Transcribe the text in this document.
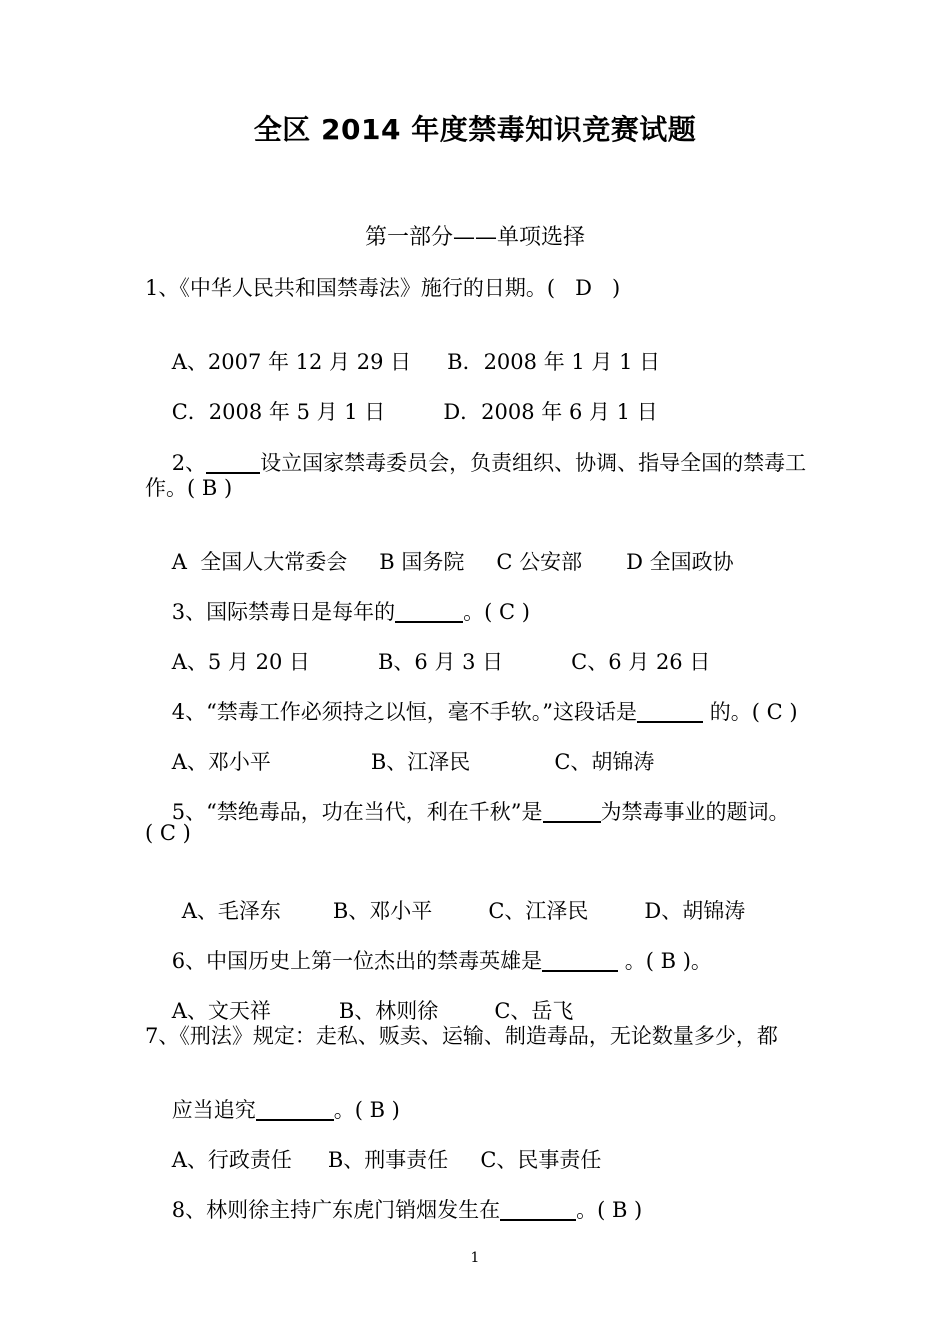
全区 2014 年度禁毒知识竞赛试题
第一部分——单项选择
1、《中华人民共和国禁毒法》施行的日期。(   D   )

A、2007 年 12 月 29 日 B．2008 年 1 月 1 日

C．2008 年 5 月 1 日	D．2008 年 6 月 1 日

2、	设立国家禁毒委员会，负责组织、协调、指导全国的禁毒工

作。( B )

A  全国人大常委会 B 国务院 C 公安部 D 全国政协

3、国际禁毒日是每年的	。( C )

A、5 月 20 日	B、6 月 3 日	C、6 月 26 日

4、“禁毒工作必须持之以恒，毫不手软。”这段话是	的。( C )

A、邓小平	B、江泽民	C、胡锦涛

5、“禁绝毒品，功在当代，利在千秋”是	为禁毒事业的题词。

( C )

A、毛泽东 B、邓小平	C、江泽民	D、胡锦涛

6、中国历史上第一位杰出的禁毒英雄是	。( B )。

A、文天祥	B、林则徐	C、岳飞

7、《刑法》规定：走私、贩卖、运输、制造毒品，无论数量多少，都

应当追究	。( B )

A、行政责任 B、刑事责任 C、民事责任

8、林则徐主持广东虎门销烟发生在	。( B )

1
